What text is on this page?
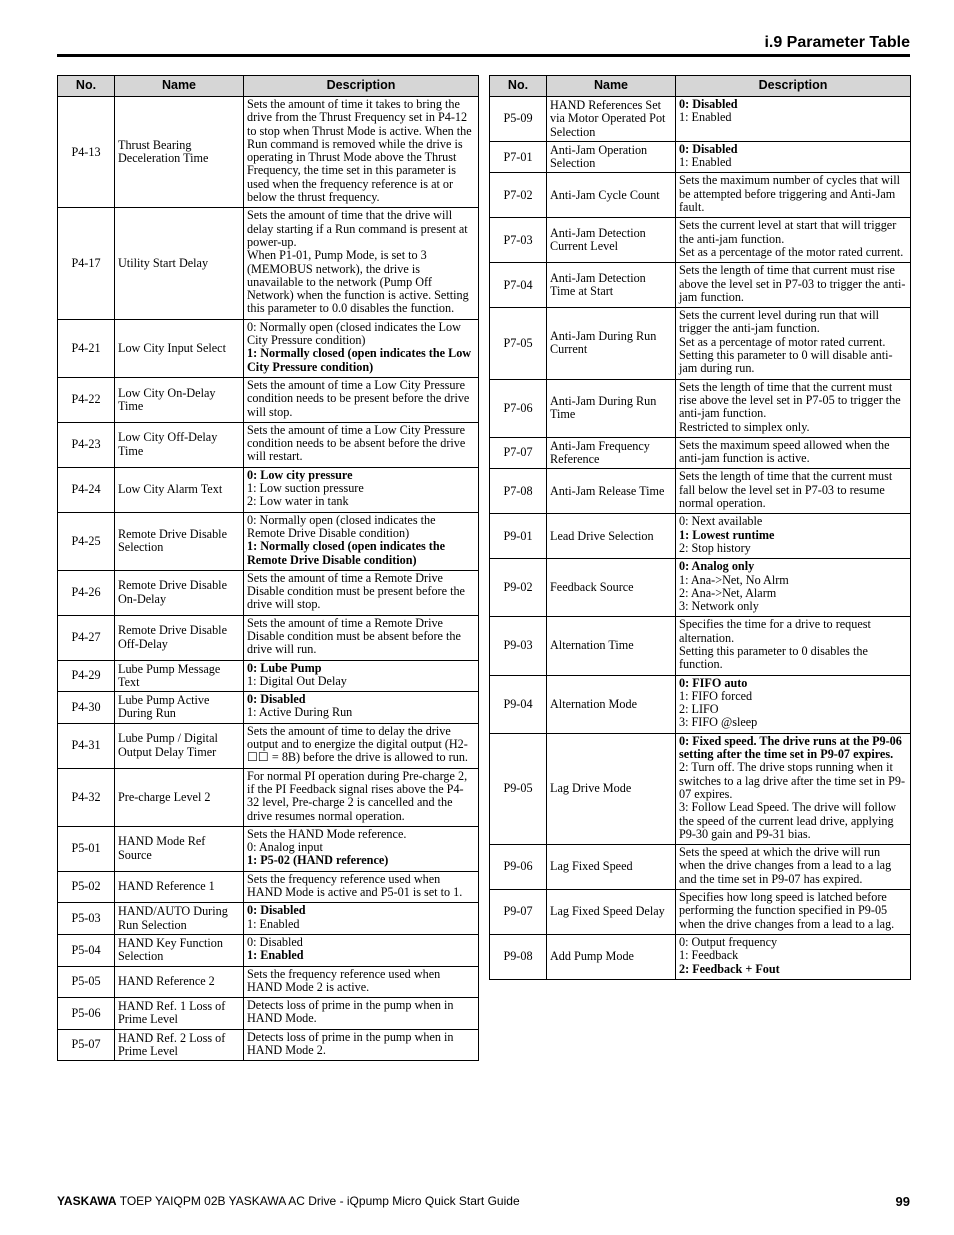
i.9 Parameter Table
No.	Name	Description
P4-13	Thrust Bearing Deceleration Time	Sets the amount of time it takes to bring the drive from the Thrust Frequency set in P4-12 to stop when Thrust Mode is active. When the Run command is removed while the drive is operating in Thrust Mode above the Thrust Frequency, the time set in this parameter is used when the frequency reference is at or below the thrust frequency.

P4-17	Utility Start Delay	Sets the amount of time that the drive will delay starting if a Run command is present at power-up.
When P1-01, Pump Mode, is set to 3 (MEMOBUS network), the drive is unavailable to the network (Pump Off Network) when the function is active. Setting this parameter to 0.0 disables the function.

P4-21	Low City Input Select	0: Normally open (closed indicates the Low City Pressure condition)
1: Normally closed (open indicates the Low City Pressure condition)

P4-22	Low City On-Delay Time	Sets the amount of time a Low City Pressure condition needs to be present before the drive will stop.

P4-23	Low City Off-Delay Time	Sets the amount of time a Low City Pressure condition needs to be absent before the drive will restart.

P4-24	Low City Alarm Text	0: Low city pressure
1: Low suction pressure
2: Low water in tank

P4-25	Remote Drive Disable Selection	0: Normally open (closed indicates the Remote Drive Disable condition)
1: Normally closed (open indicates the Remote Drive Disable condition)

P4-26	Remote Drive Disable On-Delay	Sets the amount of time a Remote Drive Disable condition must be present before the drive will stop.

P4-27	Remote Drive Disable Off-Delay	Sets the amount of time a Remote Drive Disable condition must be absent before the drive will run.

P4-29	Lube Pump Message Text	0: Lube Pump
1: Digital Out Delay

P4-30	Lube Pump Active During Run	0: Disabled
1: Active During Run

P4-31	Lube Pump / Digital Output Delay Timer	Sets the amount of time to delay the drive output and to energize the digital output (H2-☐☐ = 8B) before the drive is allowed to run.

P4-32	Pre-charge Level 2	For normal PI operation during Pre-charge 2, if the PI Feedback signal rises above the P4-32 level, Pre-charge 2 is cancelled and the drive resumes normal operation.

P5-01	HAND Mode Ref Source	Sets the HAND Mode reference.
0: Analog input
1: P5-02 (HAND reference)

P5-02	HAND Reference 1	Sets the frequency reference used when HAND Mode is active and P5-01 is set to 1.

P5-03	HAND/AUTO During Run Selection	0: Disabled
1: Enabled

P5-04	HAND Key Function Selection	0: Disabled
1: Enabled

P5-05	HAND Reference 2	Sets the frequency reference used when HAND Mode 2 is active.

P5-06	HAND Ref. 1 Loss of Prime Level	Detects loss of prime in the pump when in HAND Mode.

P5-07	HAND Ref. 2 Loss of Prime Level	Detects loss of prime in the pump when in HAND Mode 2.
No.	Name	Description
P5-09	HAND References Set via Motor Operated Pot Selection	0: Disabled
1: Enabled

P7-01	Anti-Jam Operation Selection	0: Disabled
1: Enabled

P7-02	Anti-Jam Cycle Count	Sets the maximum number of cycles that will be attempted before triggering and Anti-Jam fault.

P7-03	Anti-Jam Detection Current Level	Sets the current level at start that will trigger the anti-jam function.
Set as a percentage of the motor rated current.

P7-04	Anti-Jam Detection Time at Start	Sets the length of time that current must rise above the level set in P7-03 to trigger the anti-jam function.

P7-05	Anti-Jam During Run Current	Sets the current level during run that will trigger the anti-jam function.
Set as a percentage of motor rated current. Setting this parameter to 0 will disable anti-jam during run.

P7-06	Anti-Jam During Run Time	Sets the length of time that the current must rise above the level set in P7-05 to trigger the anti-jam function.
Restricted to simplex only.

P7-07	Anti-Jam Frequency Reference	Sets the maximum speed allowed when the anti-jam function is active.

P7-08	Anti-Jam Release Time	Sets the length of time that the current must fall below the level set in P7-03 to resume normal operation.

P9-01	Lead Drive Selection	0: Next available
1: Lowest runtime
2: Stop history

P9-02	Feedback Source	0: Analog only
1: Ana->Net, No Alrm
2: Ana->Net, Alarm
3: Network only

P9-03	Alternation Time	Specifies the time for a drive to request alternation.
Setting this parameter to 0 disables the function.

P9-04	Alternation Mode	0: FIFO auto
1: FIFO forced
2: LIFO
3: FIFO @sleep

P9-05	Lag Drive Mode	0: Fixed speed. The drive runs at the P9-06 setting after the time set in P9-07 expires.
2: Turn off. The drive stops running when it switches to a lag drive after the time set in P9-07 expires.
3: Follow Lead Speed. The drive will follow the speed of the current lead drive, applying P9-30 gain and P9-31 bias.

P9-06	Lag Fixed Speed	Sets the speed at which the drive will run when the drive changes from a lead to a lag and the time set in P9-07 has expired.

P9-07	Lag Fixed Speed Delay	Specifies how long speed is latched before performing the function specified in P9-05 when the drive changes from a lead to a lag.

P9-08	Add Pump Mode	0: Output frequency
1: Feedback
2: Feedback + Fout
YASKAWA TOEP YAIQPM 02B YASKAWA AC Drive - iQpump Micro Quick Start Guide	99
